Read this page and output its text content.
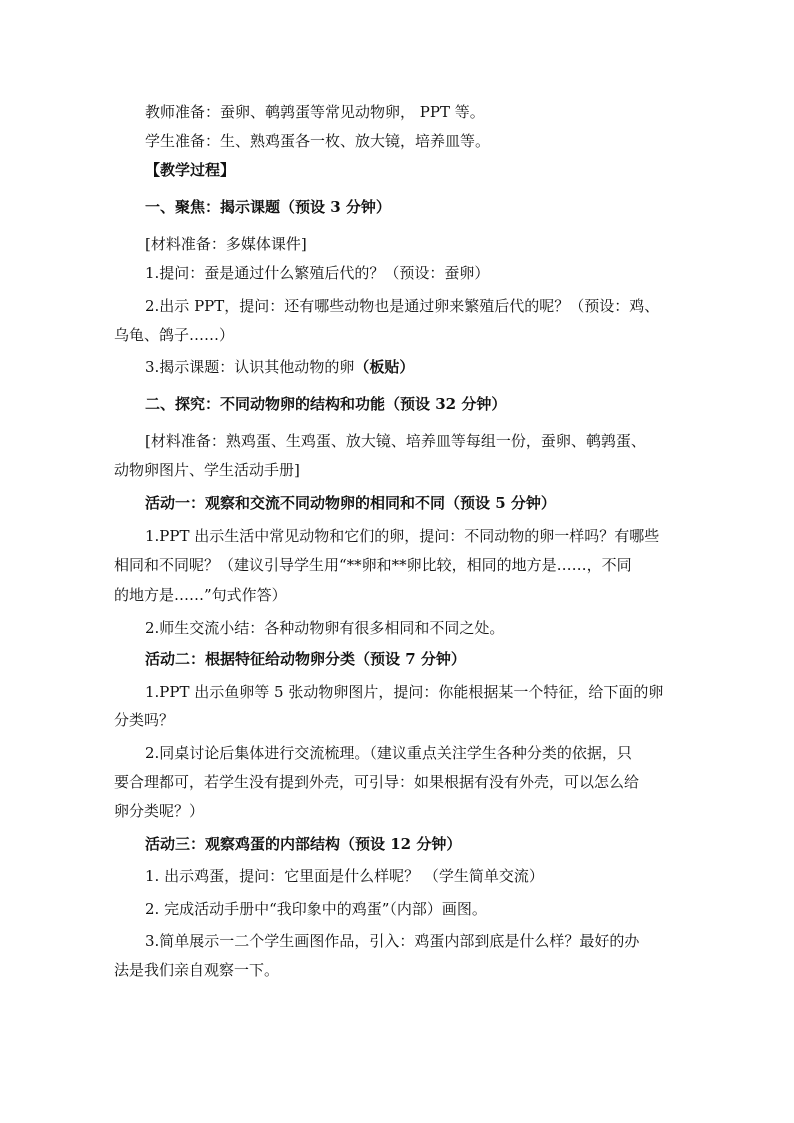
教师准备：蚕卵、鹌鹑蛋等常见动物卵， PPT 等。
学生准备：生、熟鸡蛋各一枚、放大镜，培养皿等。
【教学过程】
一、聚焦：揭示课题（预设 3 分钟）
[材料准备：多媒体课件]
1.提问：蚕是通过什么繁殖后代的？（预设：蚕卵）
2.出示 PPT，提问：还有哪些动物也是通过卵来繁殖后代的呢？（预设：鸡、
乌龟、鸽子……）
3.揭示课题：认识其他动物的卵（板贴）
二、探究：不同动物卵的结构和功能（预设 32 分钟）
[材料准备：熟鸡蛋、生鸡蛋、放大镜、培养皿等每组一份，蚕卵、鹌鹑蛋、
动物卵图片、学生活动手册]
活动一：观察和交流不同动物卵的相同和不同（预设 5 分钟）
1.PPT 出示生活中常见动物和它们的卵，提问：不同动物的卵一样吗？有哪些
相同和不同呢？（建议引导学生用“**卵和**卵比较，相同的地方是……，不同
的地方是……”句式作答）
2.师生交流小结：各种动物卵有很多相同和不同之处。
活动二：根据特征给动物卵分类（预设 7 分钟）
1.PPT 出示鱼卵等 5 张动物卵图片，提问：你能根据某一个特征，给下面的卵
分类吗？
2.同桌讨论后集体进行交流梳理。（建议重点关注学生各种分类的依据，只
要合理都可，若学生没有提到外壳，可引导：如果根据有没有外壳，可以怎么给
卵分类呢？）
活动三：观察鸡蛋的内部结构（预设 12 分钟）
1. 出示鸡蛋，提问：它里面是什么样呢？ （学生简单交流）
2. 完成活动手册中“我印象中的鸡蛋”（内部）画图。
3.简单展示一二个学生画图作品，引入：鸡蛋内部到底是什么样？最好的办
法是我们亲自观察一下。
